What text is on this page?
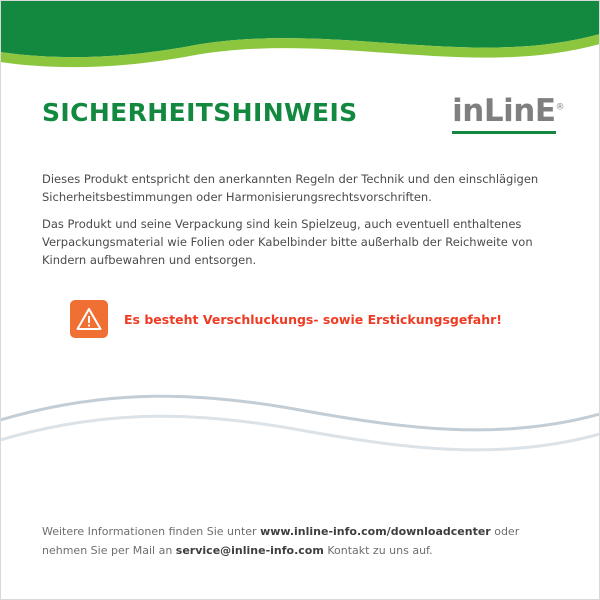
SICHERHEITSHINWEIS	inLinE®
Dieses Produkt entspricht den anerkannten Regeln der Technik und den einschlägigen Sicherheitsbestimmungen oder Harmonisierungsrechtsvorschriften.
Das Produkt und seine Verpackung sind kein Spielzeug, auch eventuell enthaltenes Verpackungsmaterial wie Folien oder Kabelbinder bitte außerhalb der Reichweite von Kindern aufbewahren und entsorgen.
Es besteht Verschluckungs- sowie Erstickungsgefahr!
Weitere Informationen finden Sie unter www.inline-info.com/downloadcenter oder
nehmen Sie per Mail an service@inline-info.com Kontakt zu uns auf.
